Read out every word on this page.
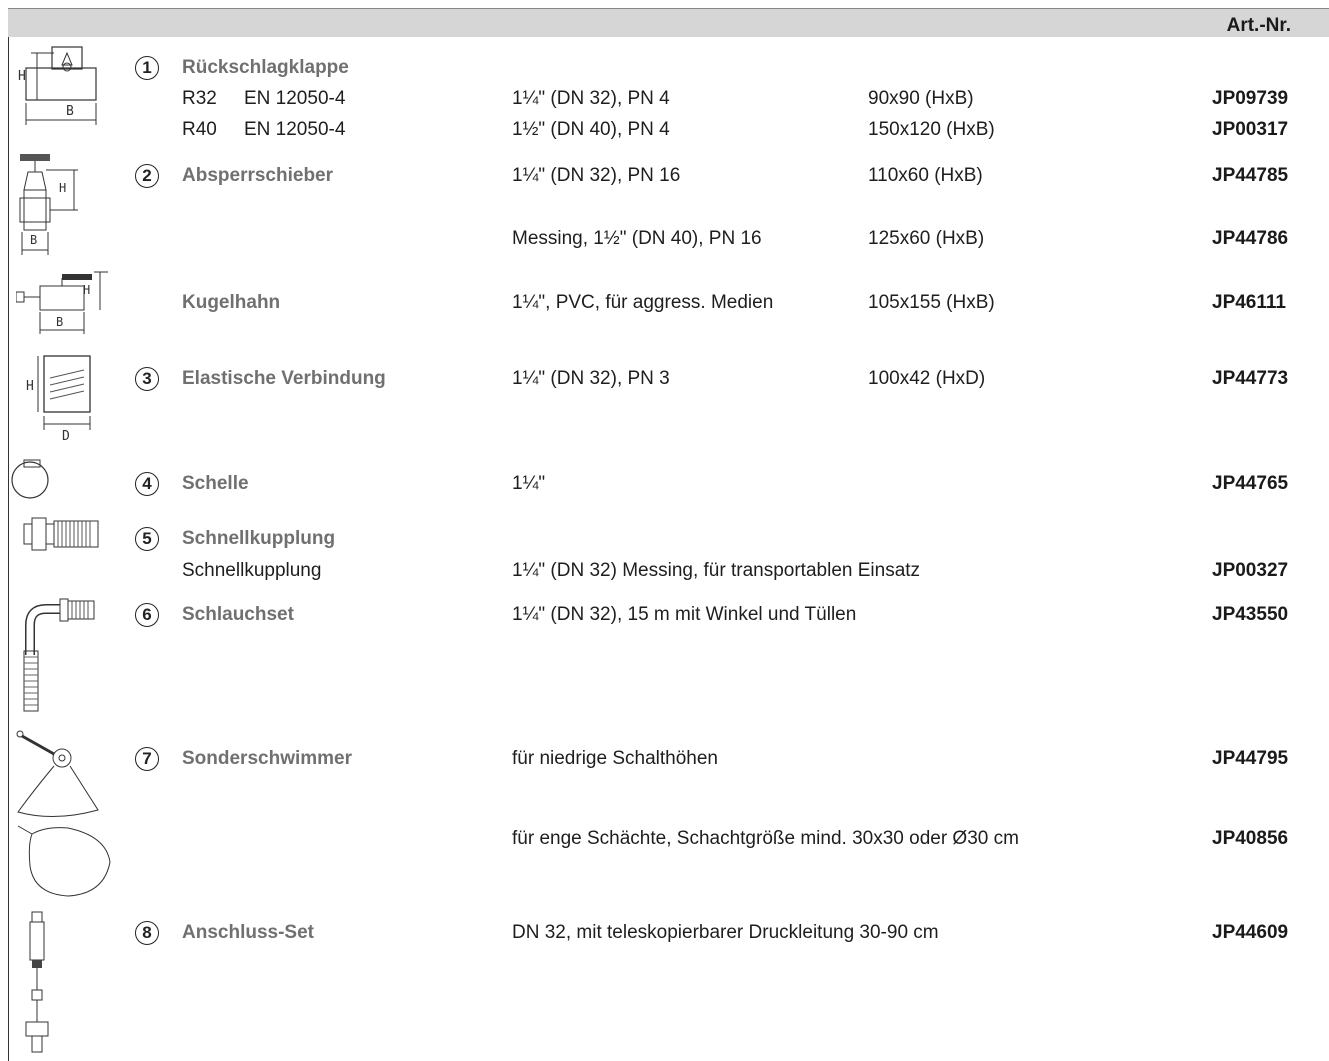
Art.-Nr.
H
B
H
B
H
B
H
D
1	Rückschlagklappe
R32 EN 12050-4	1¼" (DN 32), PN 4	90x90 (HxB)	JP09739
R40 EN 12050-4	1½" (DN 40), PN 4	150x120 (HxB)	JP00317
2	Absperrschieber	1¼" (DN 32), PN 16	110x60 (HxB)	JP44785
Messing, 1½" (DN 40), PN 16	125x60 (HxB)	JP44786
Kugelhahn	1¼", PVC, für aggress. Medien	105x155 (HxB)	JP46111
3	Elastische Verbindung	1¼" (DN 32), PN 3	100x42 (HxD)	JP44773
4	Schelle	1¼"	JP44765
5	Schnellkupplung
Schnellkupplung	1¼" (DN 32) Messing, für transportablen Einsatz	JP00327
6	Schlauchset	1¼" (DN 32), 15 m mit Winkel und Tüllen	JP43550
7	Sonderschwimmer	für niedrige Schalthöhen	JP44795
für enge Schächte, Schachtgröße mind. 30x30 oder Ø30 cm	JP40856
8	Anschluss-Set	DN 32, mit teleskopierbarer Druckleitung 30-90 cm	JP44609
